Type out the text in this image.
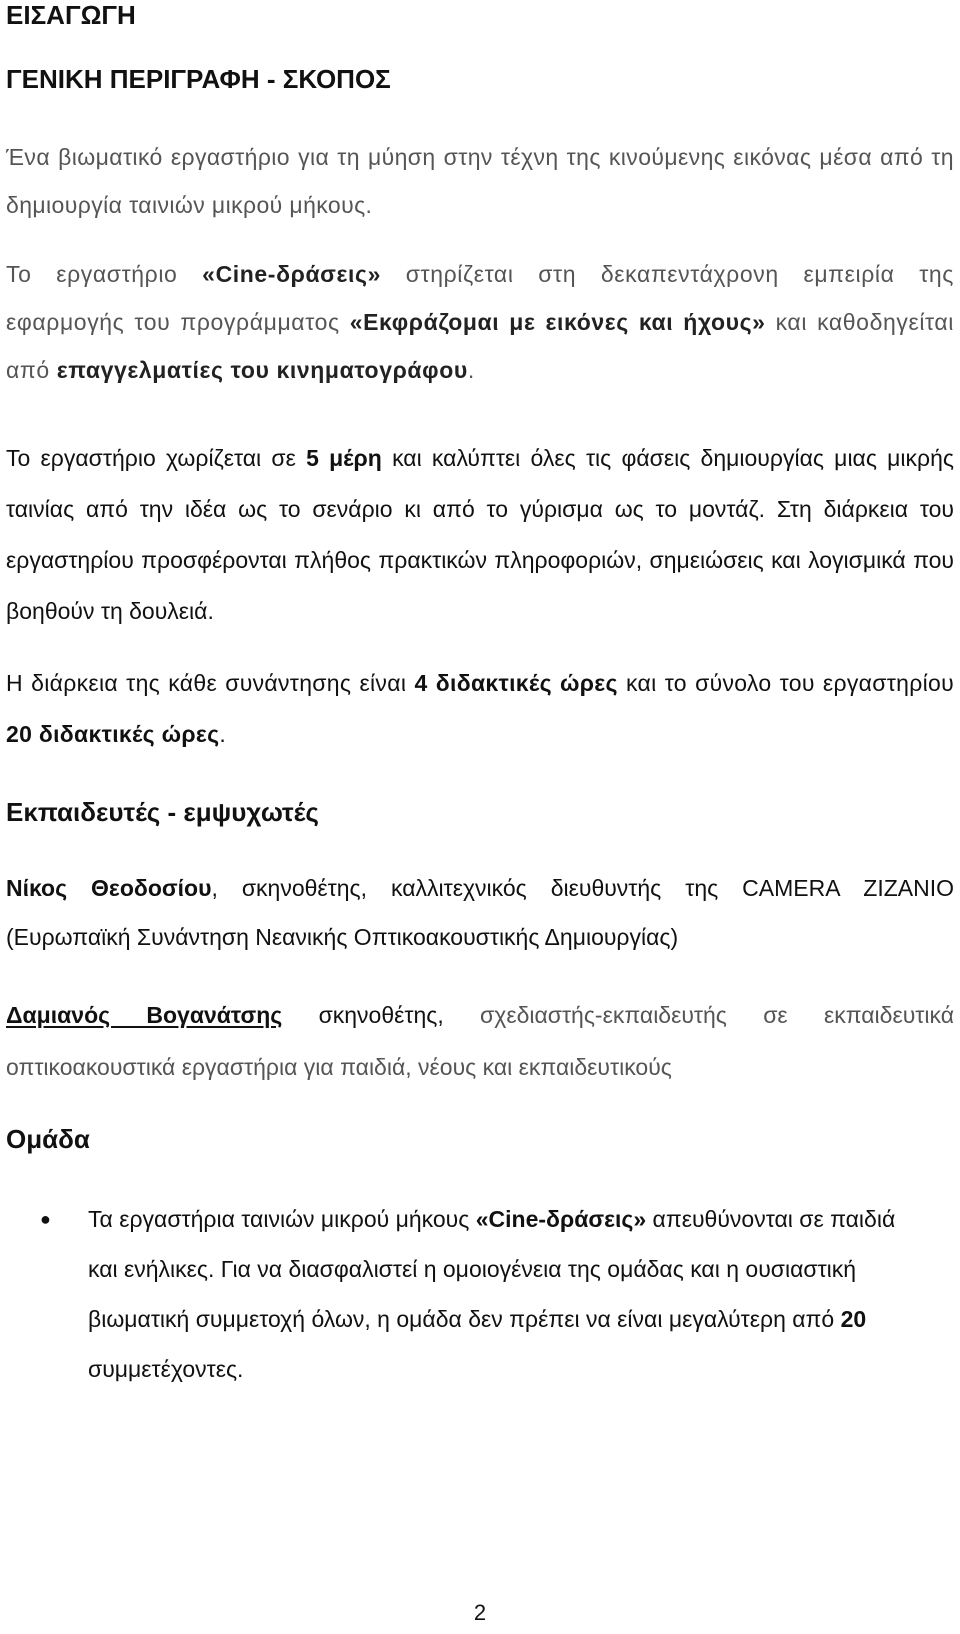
ΕΙΣΑΓΩΓΗ
ΓΕΝΙΚΗ ΠΕΡΙΓΡΑΦΗ - ΣΚΟΠΟΣ

Ένα βιωματικό εργαστήριο για τη μύηση στην τέχνη της κινούμενης εικόνας μέσα από τη δημιουργία ταινιών μικρού μήκους.

Το εργαστήριο «Cine-δράσεις» στηρίζεται στη δεκαπεντάχρονη εμπειρία της εφαρμογής του προγράμματος «Εκφράζομαι με εικόνες και ήχους» και καθοδηγείται από επαγγελματίες του κινηματογράφου.

Το εργαστήριο χωρίζεται σε 5 μέρη και καλύπτει όλες τις φάσεις δημιουργίας μιας μικρής ταινίας από την ιδέα ως το σενάριο κι από το γύρισμα ως το μοντάζ. Στη διάρκεια του εργαστηρίου προσφέρονται πλήθος πρακτικών πληροφοριών, σημειώσεις και λογισμικά που βοηθούν τη δουλειά.

Η διάρκεια της κάθε συνάντησης είναι 4 διδακτικές ώρες και το σύνολο του εργαστηρίου 20 διδακτικές ώρες.

Εκπαιδευτές - εμψυχωτές

Νίκος Θεοδοσίου, σκηνοθέτης, καλλιτεχνικός διευθυντής της CAMERA ZIZANIO (Ευρωπαϊκή Συνάντηση Νεανικής Οπτικοακουστικής Δημιουργίας)

Δαμιανός Βογανάτσης σκηνοθέτης, σχεδιαστής-εκπαιδευτής σε εκπαιδευτικά οπτικοακουστικά εργαστήρια για παιδιά, νέους και εκπαιδευτικούς

Ομάδα
● Τα εργαστήρια ταινιών μικρού μήκους «Cine-δράσεις» απευθύνονται σε παιδιά και ενήλικες. Για να διασφαλιστεί η ομοιογένεια της ομάδας και η ουσιαστική βιωματική συμμετοχή όλων, η ομάδα δεν πρέπει να είναι μεγαλύτερη από 20 συμμετέχοντες.

2
